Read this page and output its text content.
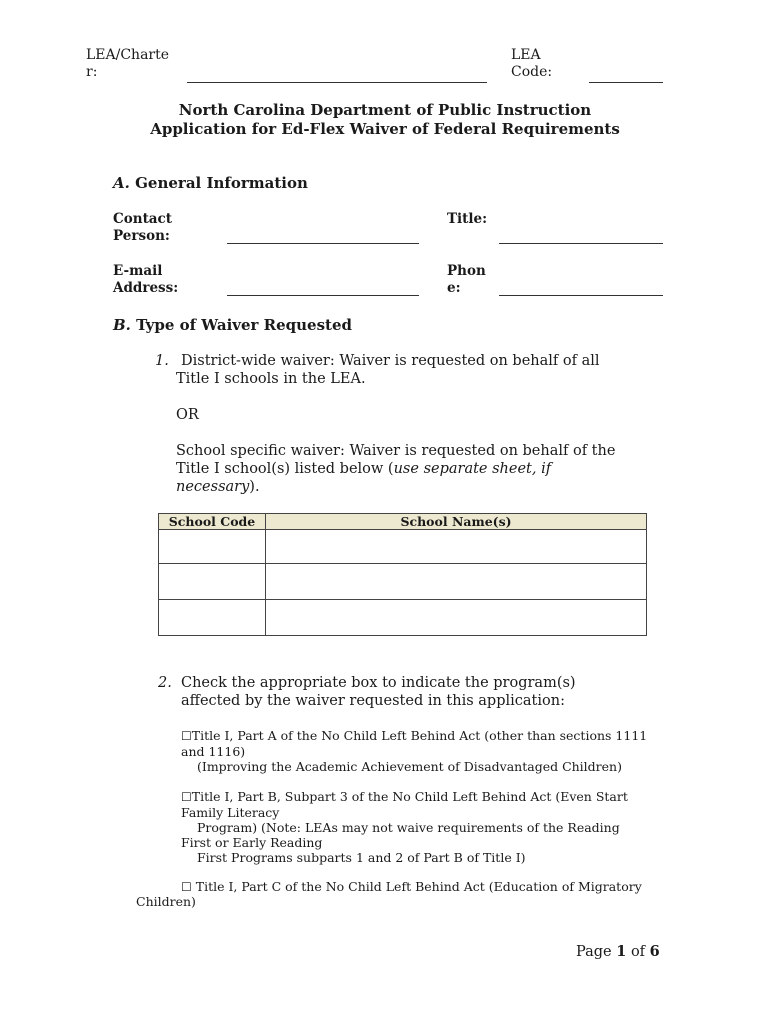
LEA/Charte
r:
LEA
Code:
North Carolina Department of Public Instruction
Application for Ed-Flex Waiver of Federal Requirements
A. General Information
Contact
Person:
Title:
E-mail
Address:
Phon
e:
B. Type of Waiver Requested
1. District-wide waiver: Waiver is requested on behalf of all
Title I schools in the LEA.
OR
School specific waiver: Waiver is requested on behalf of the
Title I school(s) listed below (use separate sheet, if
necessary).
School Code	School Name(s)

2. Check the appropriate box to indicate the program(s)
affected by the waiver requested in this application:
☐Title I, Part A of the No Child Left Behind Act (other than sections 1111
and 1116)
(Improving the Academic Achievement of Disadvantaged Children)
☐Title I, Part B, Subpart 3 of the No Child Left Behind Act (Even Start
Family Literacy
Program) (Note: LEAs may not waive requirements of the Reading
First or Early Reading
First Programs subparts 1 and 2 of Part B of Title I)
☐ Title I, Part C of the No Child Left Behind Act (Education of Migratory
Children)
Page 1 of 6
